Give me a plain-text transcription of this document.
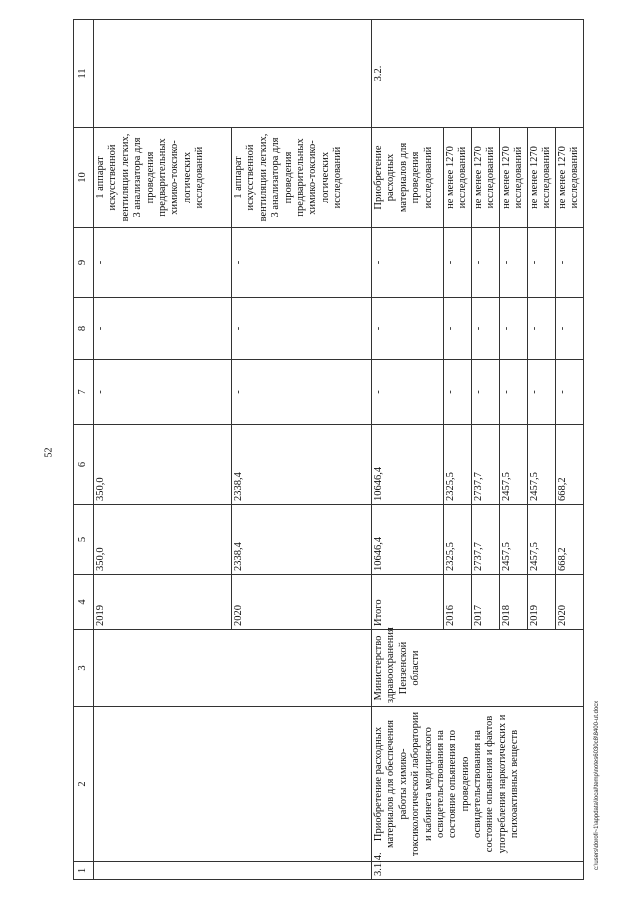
52
c:\users\dorofi~1\appdata\local\temp\notes6030c8\8400-ut.docx
1	2	3	4	5	6	7	8	9	10	11
			2019	350,0	350,0	-	-	-	1 аппарат искусственной вентиляции легких, 3 анализатора для проведения предварительных химико-токсико-логических исследований	
			2020	2338,4	2338,4	-	-	-	1 аппарат искусственной вентиляции легких, 3 анализатора для проведения предварительных химико-токсико-логических исследований	
3.1.4.	Приобретение расходных материалов для обеспечения работы химико-токсикологической лаборатории и кабинета медицинского освидетельствования на состояние опьянения по проведению освидетельствования на состояние опьянения и фактов употребления наркотических и психоактивных веществ	Министерство здравоохранения Пензенской области	Итого	10646,4	10646,4	-	-	-	Приобретение расходных материалов для проведения исследований	3.2.
			2016	2325,5	2325,5	-	-	-	не менее 1270 исследований	
			2017	2737,7	2737,7	-	-	-	не менее 1270 исследований	
			2018	2457,5	2457,5	-	-	-	не менее 1270 исследований	
			2019	2457,5	2457,5	-	-	-	не менее 1270 исследований	
			2020	668,2	668,2	-	-	-	не менее 1270 исследований	
